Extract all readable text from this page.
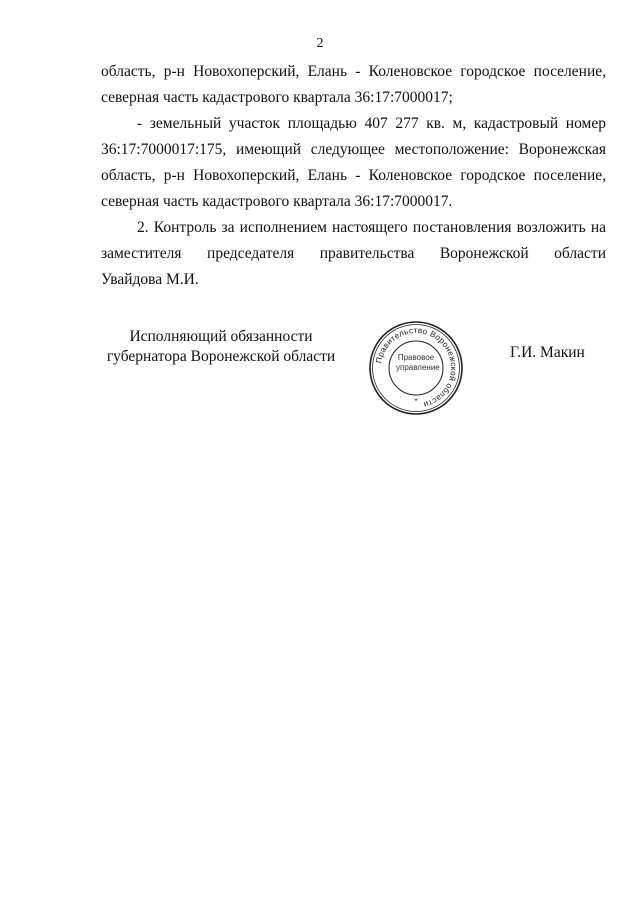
2

область, р-н Новохоперский, Елань - Коленовское городское поселение, северная часть кадастрового квартала 36:17:7000017;

- земельный участок площадью 407 277 кв. м, кадастровый номер 36:17:7000017:175, имеющий следующее местоположение: Воронежская область, р-н Новохоперский, Елань - Коленовское городское поселение, северная часть кадастрового квартала 36:17:7000017.

2. Контроль за исполнением настоящего постановления возложить на заместителя председателя правительства Воронежской области

Увайдова М.И.

Исполняющий обязанности
губернатора Воронежской области	Правительство Воронежской области
*
Правовое
управление
Г.И. Макин
